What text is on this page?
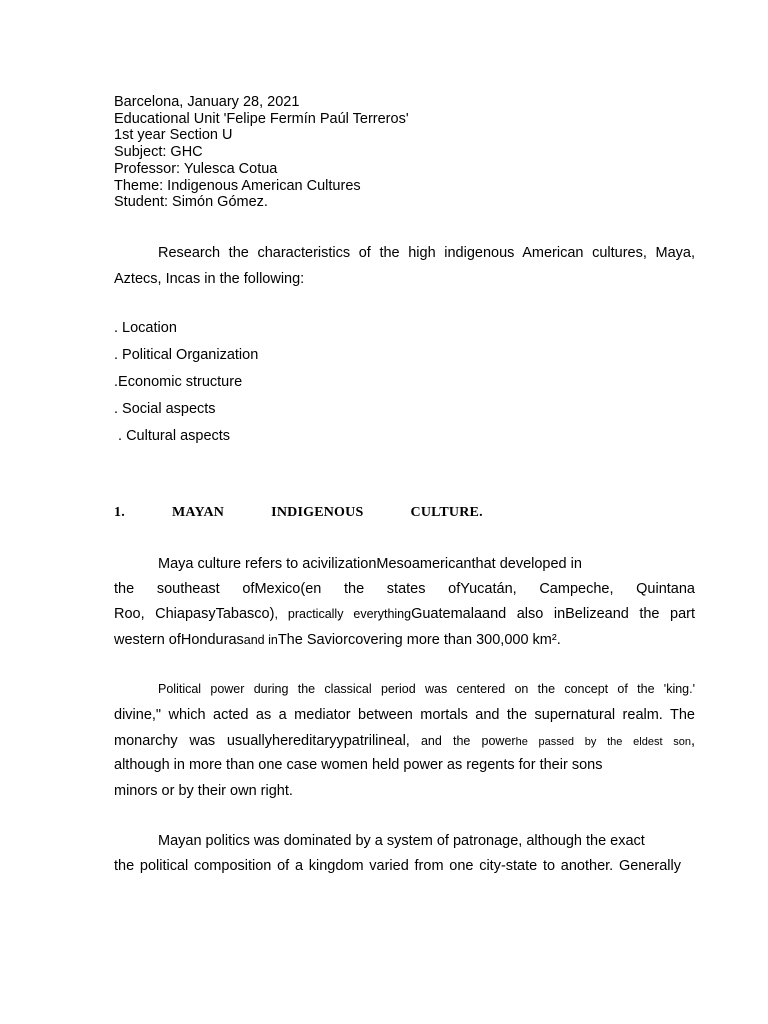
Barcelona, January 28, 2021
Educational Unit 'Felipe Fermín Paúl Terreros'
1st year Section U
Subject: GHC
Professor: Yulesca Cotua
Theme: Indigenous American Cultures
Student: Simón Gómez.
Research the characteristics of the high indigenous American cultures, Maya,
Aztecs, Incas in the following:
. Location
. Political Organization
.Economic structure
. Social aspects
. Cultural aspects
1.   MAYAN   INDIGENOUS   CULTURE.
Maya culture refers to acivilizationMesoamericanthat developed in
the southeast ofMexico(en the states ofYucatán, Campeche, Quintana
Roo, ChiapasyTabasco), practically everythingGuatemalaand also inBelizeand the part
western ofHondurasand inThe Saviorcovering more than 300,000 km².
Political power during the classical period was centered on the concept of the 'king.'
divine," which acted as a mediator between mortals and the supernatural realm. The
monarchy was usuallyhereditaryypatrilineal, and the powerhe passed by the eldest son,
although in more than one case women held power as regents for their sons
minors or by their own right.
Mayan politics was dominated by a system of patronage, although the exact
the political composition of a kingdom varied from one city-state to another. Generally
